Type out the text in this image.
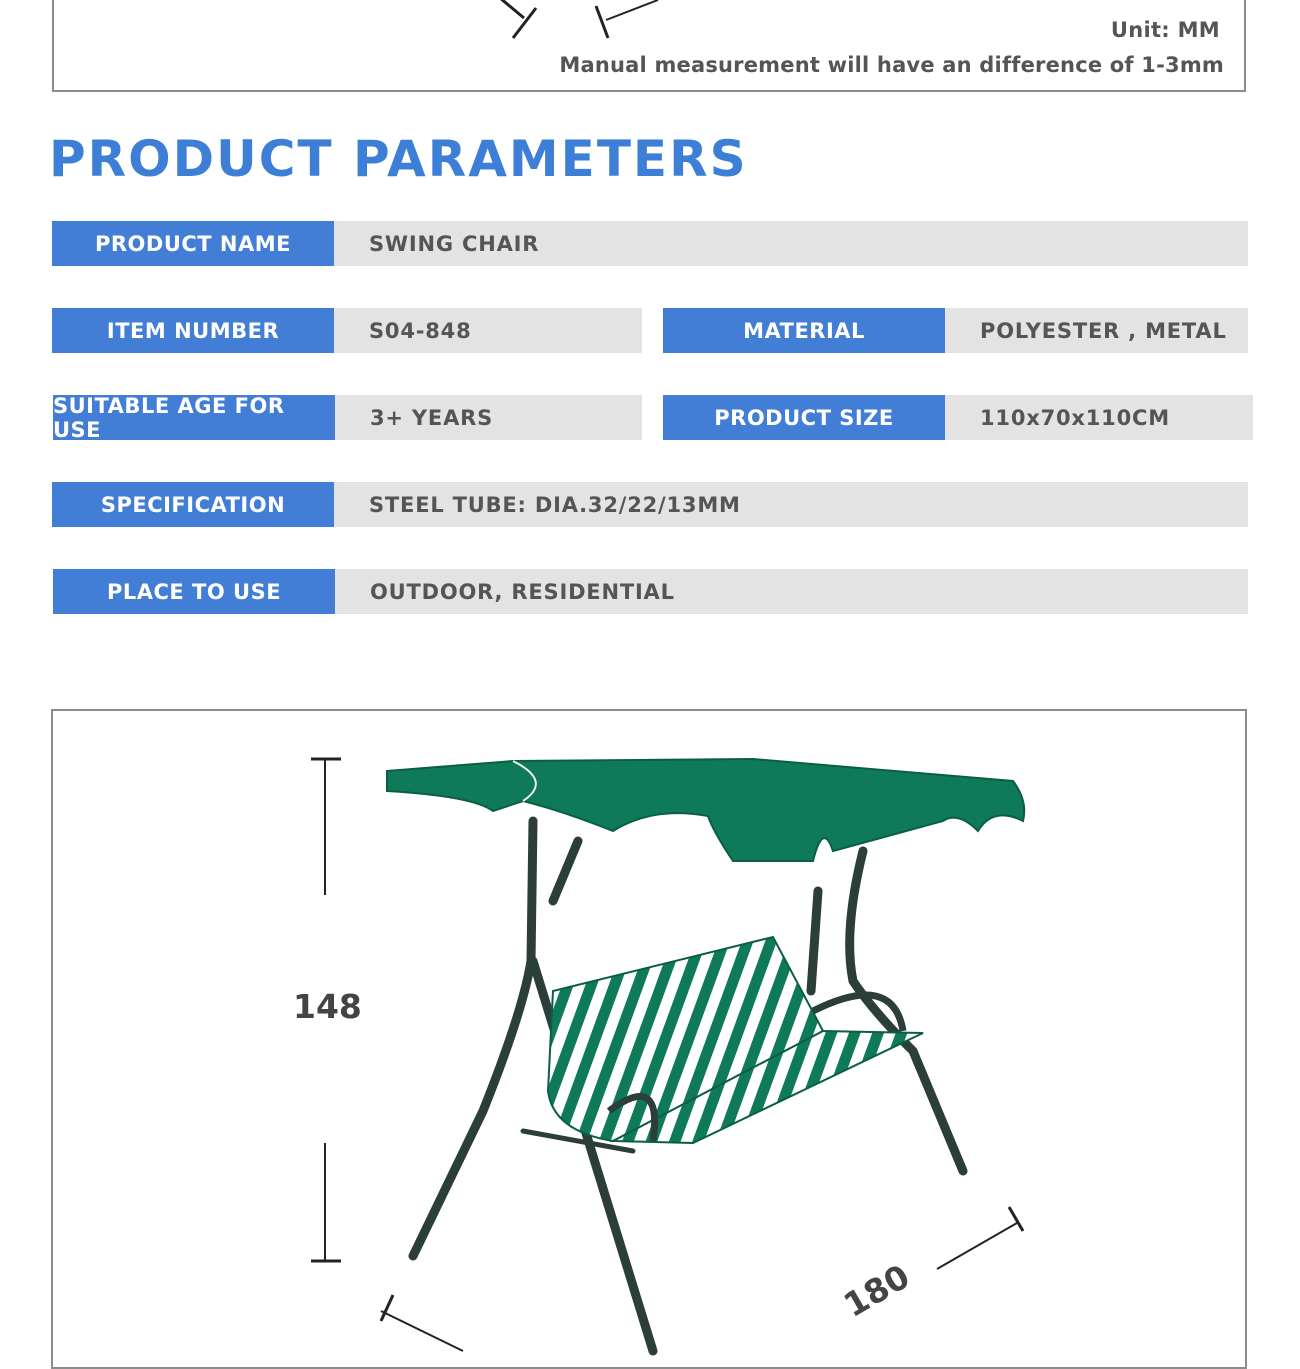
Unit: MM
Manual measurement will have an difference of 1-3mm
PRODUCT PARAMETERS
PRODUCT NAME	SWING CHAIR
ITEM NUMBER	S04-848	MATERIAL	POLYESTER , METAL
SUITABLE AGE FOR USE	3+ YEARS	PRODUCT SIZE	110x70x110CM
SPECIFICATION	STEEL TUBE: DIA.32/22/13MM
PLACE TO USE	OUTDOOR, RESIDENTIAL
148
180
